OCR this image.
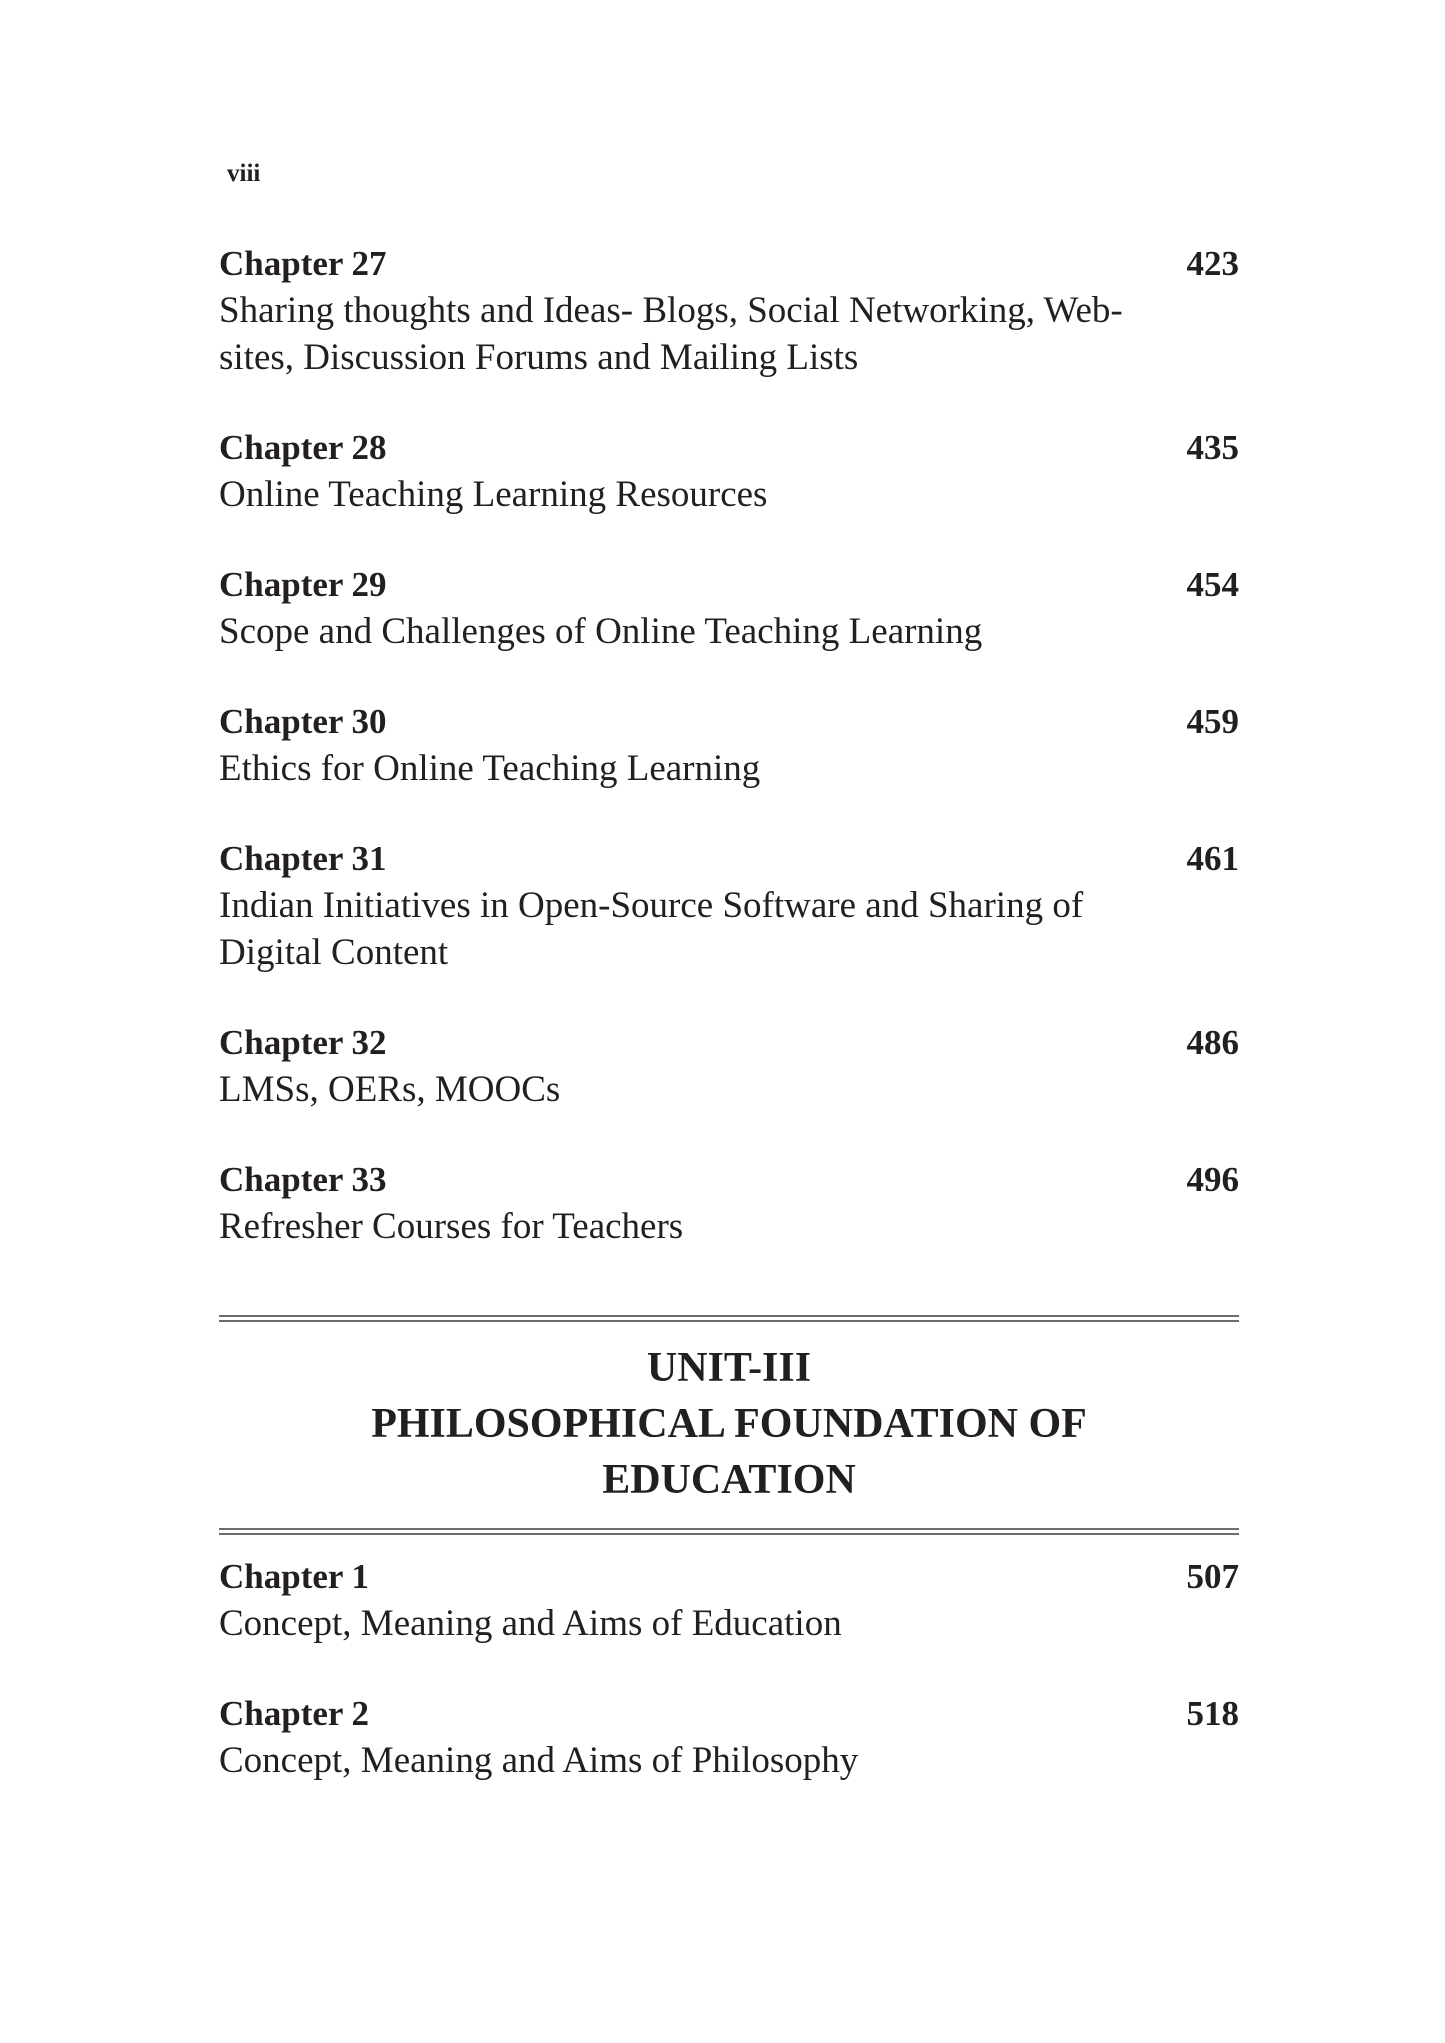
viii
Chapter 27	423
Sharing thoughts and Ideas- Blogs, Social Networking, Web-
sites, Discussion Forums and Mailing Lists
Chapter 28	435
Online Teaching Learning Resources
Chapter 29	454
Scope and Challenges of Online Teaching Learning
Chapter 30	459
Ethics for Online Teaching Learning
Chapter 31	461
Indian Initiatives in Open-Source Software and Sharing of
Digital Content
Chapter 32	486
LMSs, OERs, MOOCs
Chapter 33	496
Refresher Courses for Teachers
UNIT-III
PHILOSOPHICAL FOUNDATION OF
EDUCATION
Chapter 1	507
Concept, Meaning and Aims of Education
Chapter 2	518
Concept, Meaning and Aims of Philosophy
